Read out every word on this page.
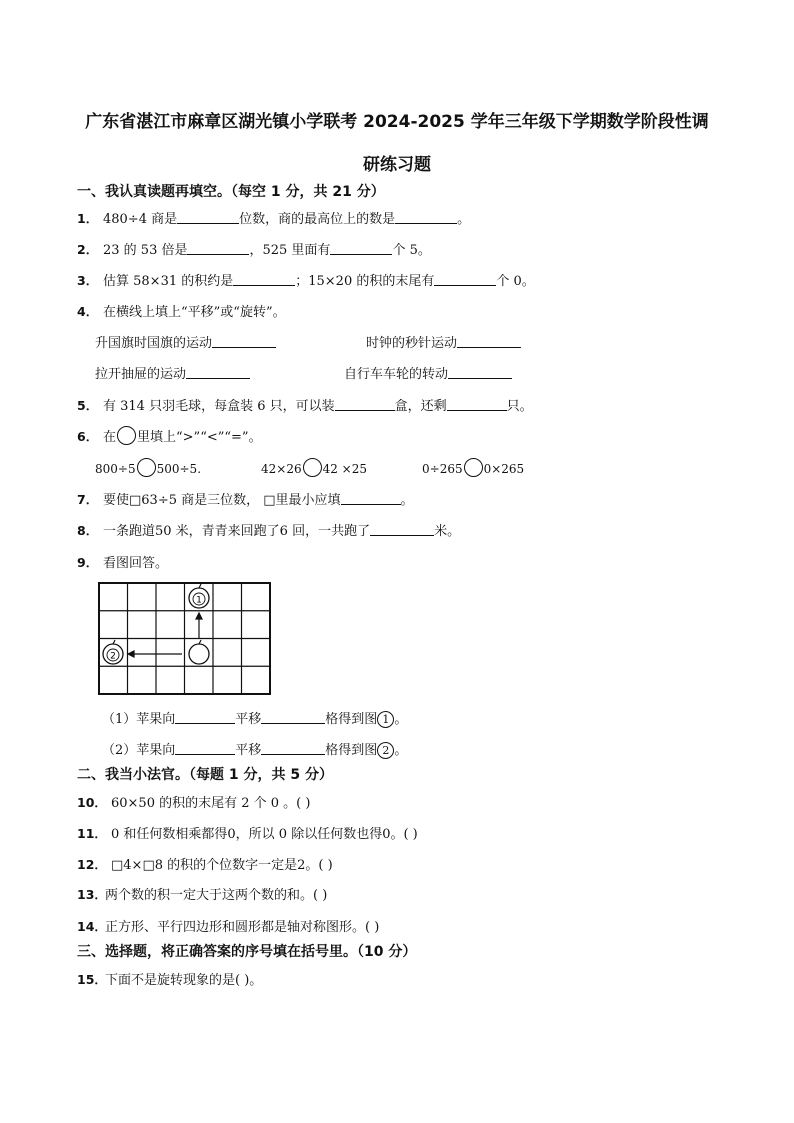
广东省湛江市麻章区湖光镇小学联考 2024-2025 学年三年级下学期数学阶段性调
研练习题
一、我认真读题再填空。（每空 1 分，共 21 分）
1． 480÷4 商是	位数，商的最高位上的数是	。
2． 23 的 53 倍是	，525 里面有	个 5。
3． 估算 58×31 的积约是	；15×20 的积的末尾有	个 0。
4． 在横线上填上“平移”或“旋转”。
升国旗时国旗的运动	时钟的秒针运动
拉开抽屉的运动	自行车车轮的转动
5． 有 314 只羽毛球，每盒装 6 只，可以装	盒，还剩	只。
6． 在 里填上“>”“<”“=”。
800÷5 500÷5.	42×26 42 ×25	0÷265 0×265
7． 要使□63÷5 商是三位数， □里最小应填	。
8． 一条跑道50 米，青青来回跑了6 回，一共跑了	米。
9． 看图回答。
1
2
（1）苹果向	平移	格得到图 1 。
（2）苹果向	平移	格得到图 2 。
二、我当小法官。（每题 1 分，共 5 分）
10． 60×50 的积的末尾有 2 个 0 。( )
11． 0 和任何数相乘都得0，所以 0 除以任何数也得0。( )
12． □4×□8 的积的个位数字一定是2。( )
13．两个数的积一定大于这两个数的和。( )
14．正方形、平行四边形和圆形都是轴对称图形。( )
三、选择题，将正确答案的序号填在括号里。（10 分）
15．下面不是旋转现象的是( )。
